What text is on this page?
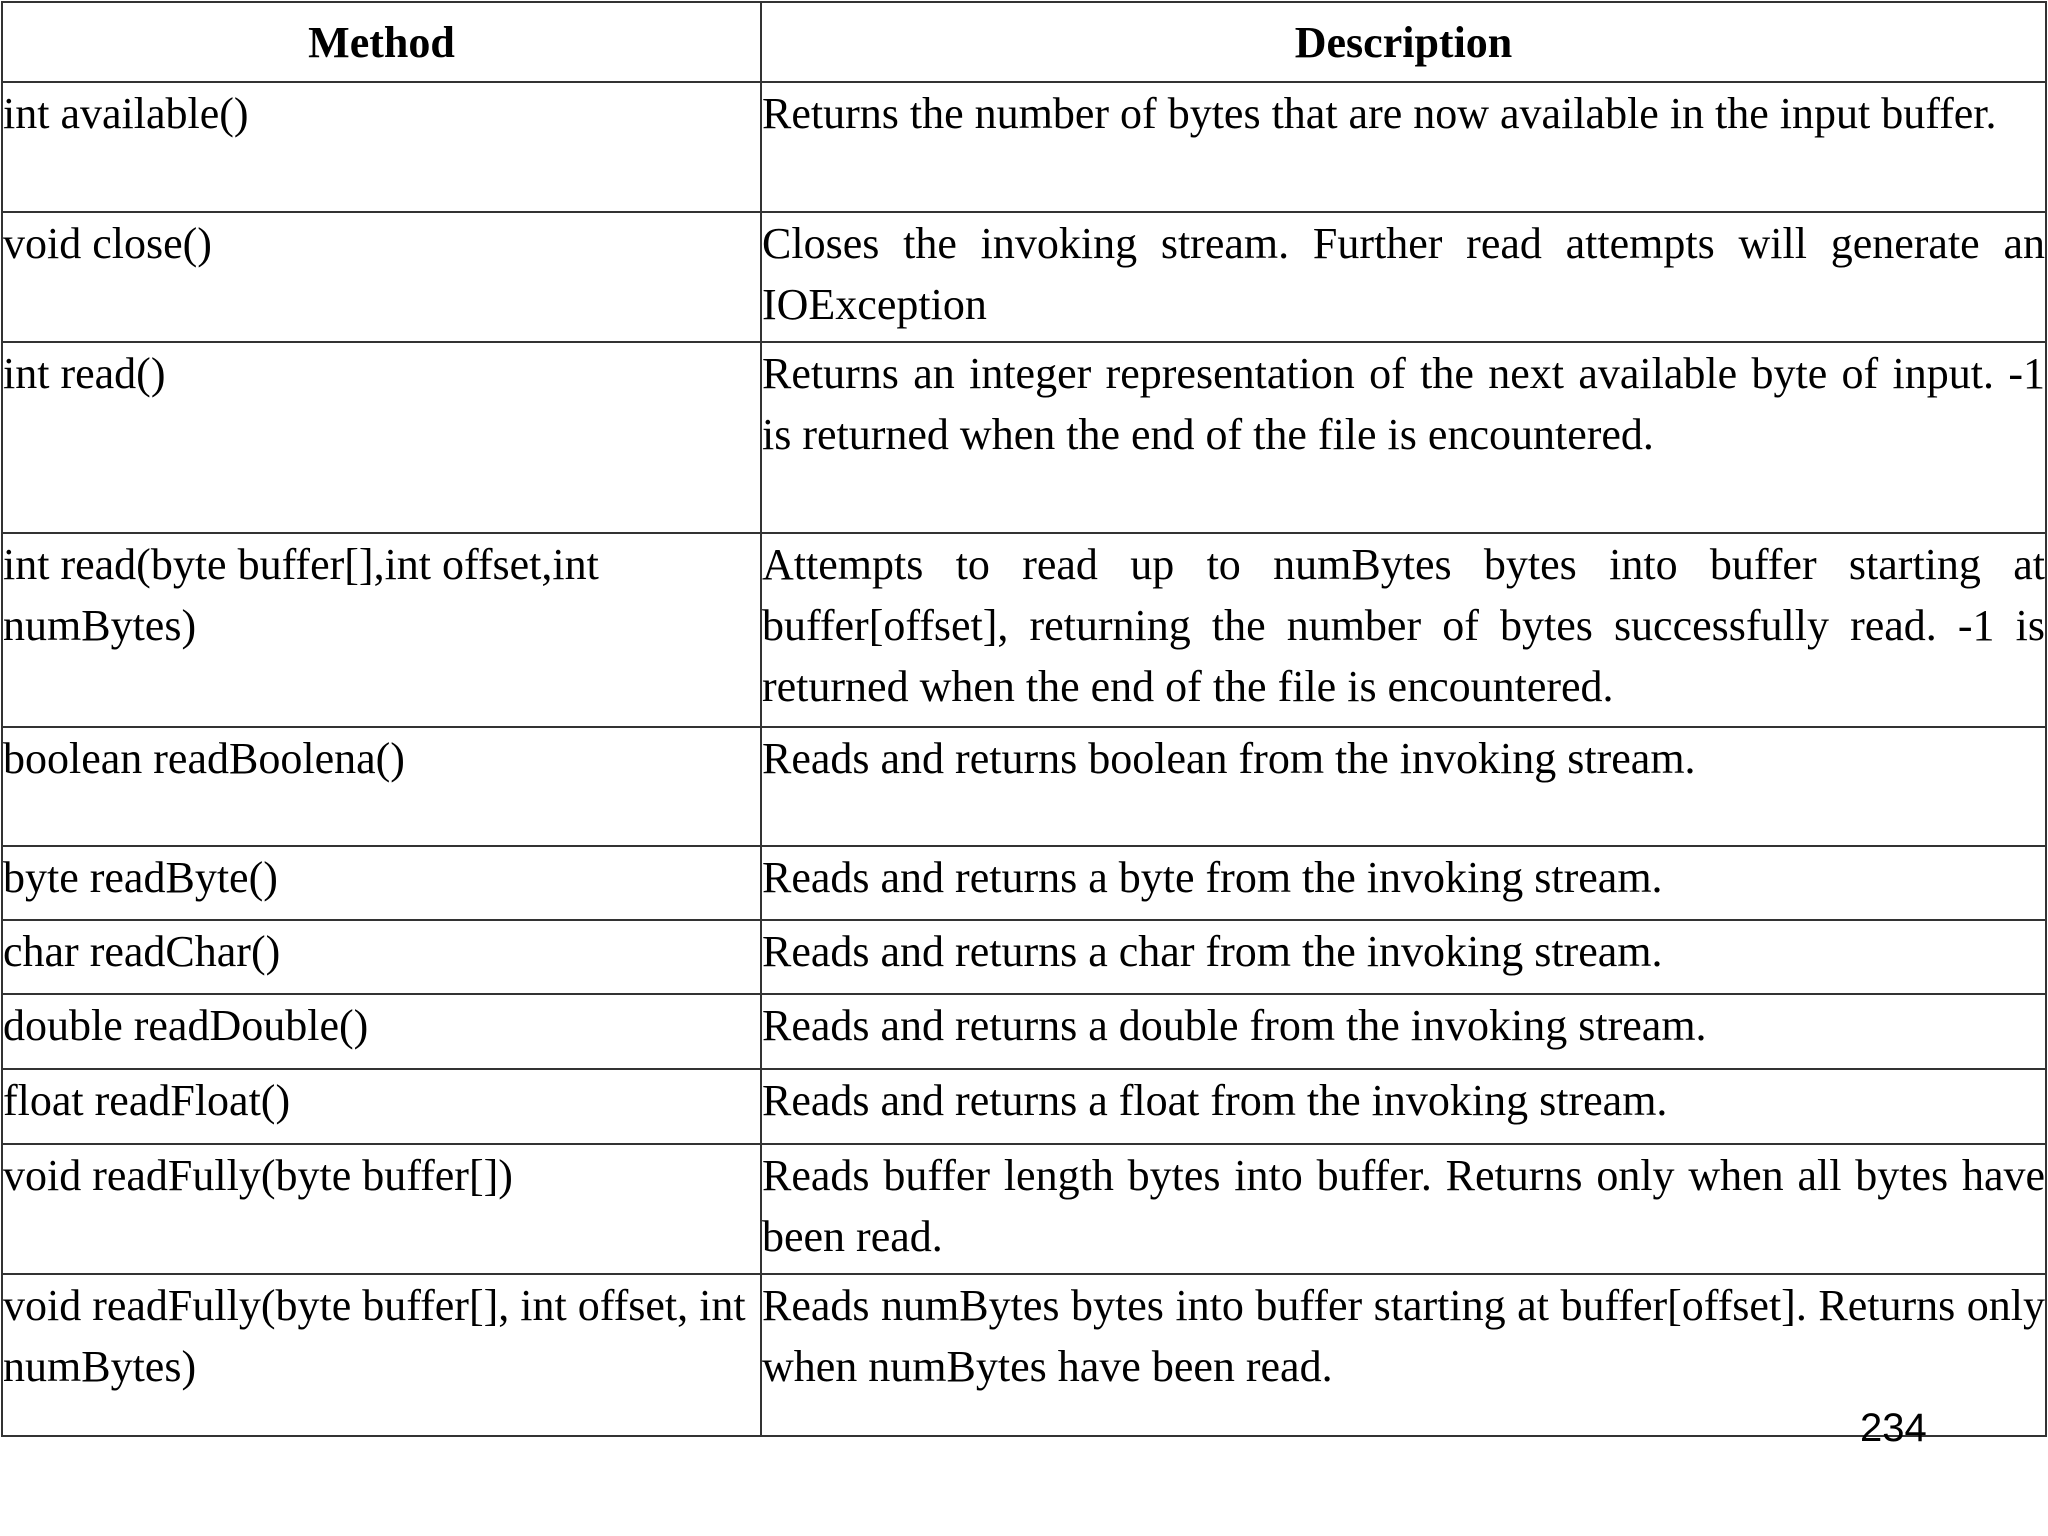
Method	Description
int available()	Returns the number of bytes that are now available in the input buffer.
void close()	Closes the invoking stream. Further read attempts will generate an IOException
int read()	Returns an integer representation of the next available byte of input. -1 is returned when the end of the file is encountered.
int read(byte buffer[],int offset,int numBytes)	Attempts to read up to numBytes bytes into buffer starting at buffer[offset], returning the number of bytes successfully read. -1 is returned when the end of the file is encountered.
boolean readBoolena()	Reads and returns boolean from the invoking stream.
byte readByte()	Reads and returns a byte from the invoking stream.
char readChar()	Reads and returns a char from the invoking stream.
double readDouble()	Reads and returns a double from the invoking stream.
float readFloat()	Reads and returns a float from the invoking stream.
void readFully(byte buffer[])	Reads buffer length bytes into buffer. Returns only when all bytes have been read.
void readFully(byte buffer[], int offset, int numBytes)	Reads numBytes bytes into buffer starting at buffer[offset]. Returns only when numBytes have been read.
234
